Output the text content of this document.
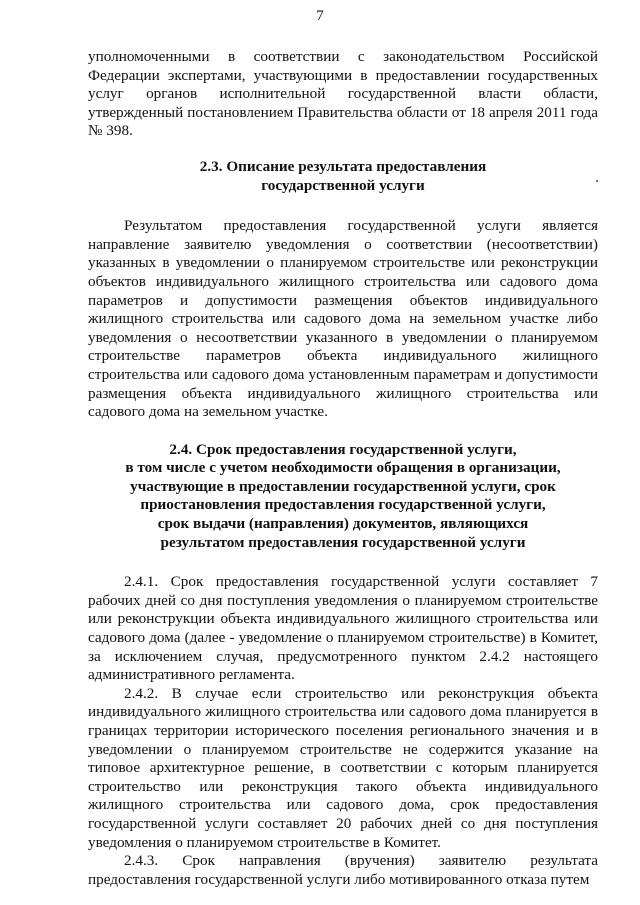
7

уполномоченными в соответствии с законодательством Российской Федерации экспертами, участвующими в предоставлении государственных услуг органов исполнительной государственной власти области, утвержденный постановлением Правительства области от 18 апреля 2011 года № 398.

2.3. Описание результата предоставления
государственной услуги

Результатом предоставления государственной услуги является направление заявителю уведомления о соответствии (несоответствии) указанных в уведомлении о планируемом строительстве или реконструкции объектов индивидуального жилищного строительства или садового дома параметров и допустимости размещения объектов индивидуального жилищного строительства или садового дома на земельном участке либо уведомления о несоответствии указанного в уведомлении о планируемом строительстве параметров объекта индивидуального жилищного строительства или садового дома установленным параметрам и допустимости размещения объекта индивидуального жилищного строительства или садового дома на земельном участке.

2.4. Срок предоставления государственной услуги,
в том числе с учетом необходимости обращения в организации,
участвующие в предоставлении государственной услуги, срок
приостановления предоставления государственной услуги,
срок выдачи (направления) документов, являющихся
результатом предоставления государственной услуги

2.4.1. Срок предоставления государственной услуги составляет 7 рабочих дней со дня поступления уведомления о планируемом строительстве или реконструкции объекта индивидуального жилищного строительства или садового дома (далее - уведомление о планируемом строительстве) в Комитет, за исключением случая, предусмотренного пунктом 2.4.2 настоящего административного регламента.

2.4.2. В случае если строительство или реконструкция объекта индивидуального жилищного строительства или садового дома планируется в границах территории исторического поселения регионального значения и в уведомлении о планируемом строительстве не содержится указание на типовое архитектурное решение, в соответствии с которым планируется строительство или реконструкция такого объекта индивидуального жилищного строительства или садового дома, срок предоставления государственной услуги составляет 20 рабочих дней со дня поступления уведомления о планируемом строительстве в Комитет.

2.4.3. Срок направления (вручения) заявителю результата предоставления государственной услуги либо мотивированного отказа путем
